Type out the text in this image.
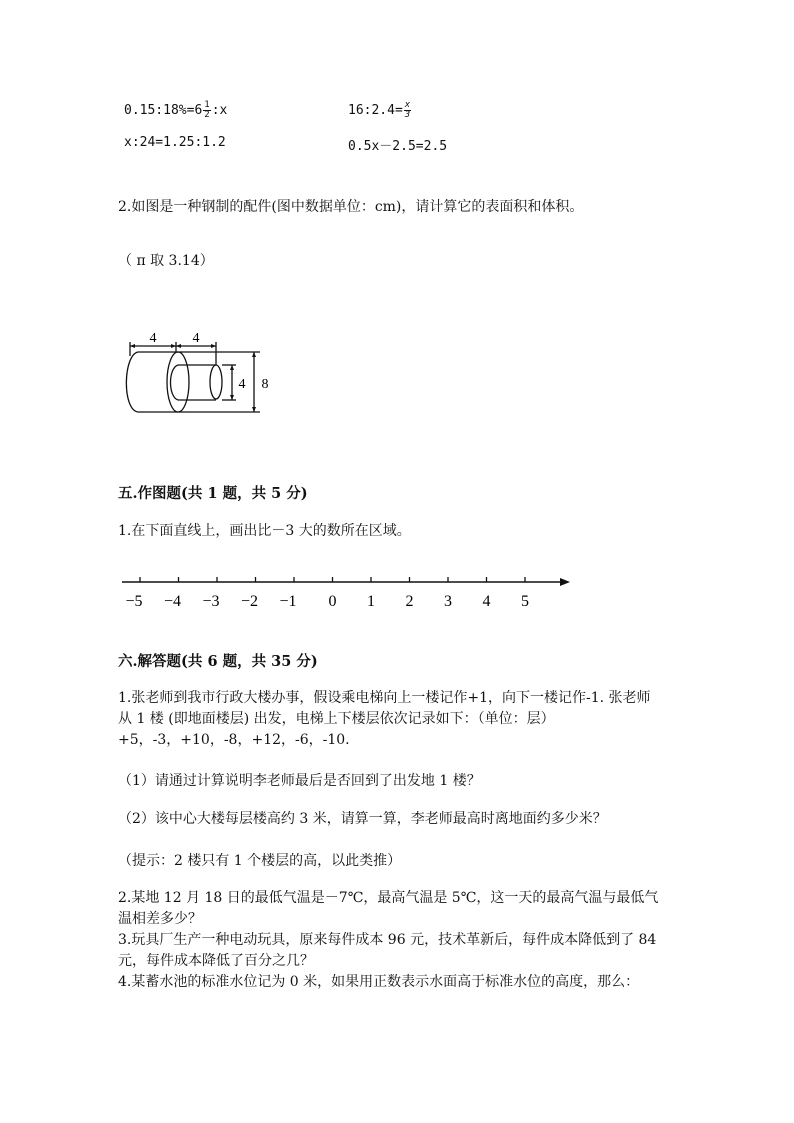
0.15:18%=6 $\frac{1}{2}$ :x	16:2.4= $\frac{x}{3}$
x:24=1.25:1.2	0.5x－2.5=2.5
2.如图是一种钢制的配件(图中数据单位：cm)，请计算它的表面积和体积。
（ π 取 3.14）
4	4
4 8
五.作图题(共 1 题，共 5 分)
1.在下面直线上，画出比－3 大的数所在区域。
−5 −4 −3 −2 −1 0 1 2 3 4 5
六.解答题(共 6 题，共 35 分)
1.张老师到我市行政大楼办事，假设乘电梯向上一楼记作+1，向下一楼记作-1. 张老师从 1 楼 (即地面楼层) 出发，电梯上下楼层依次记录如下：（单位：层）+5，-3，+10，-8，+12，-6，-10.
（1）请通过计算说明李老师最后是否回到了出发地 1 楼？
（2）该中心大楼每层楼高约 3 米，请算一算，李老师最高时离地面约多少米？
（提示：2 楼只有 1 个楼层的高，以此类推）
2.某地 12 月 18 日的最低气温是－7℃，最高气温是 5℃，这一天的最高气温与最低气温相差多少？
3.玩具厂生产一种电动玩具，原来每件成本 96 元，技术革新后，每件成本降低到了 84 元，每件成本降低了百分之几？
4.某蓄水池的标准水位记为 0 米，如果用正数表示水面高于标准水位的高度，那么：
